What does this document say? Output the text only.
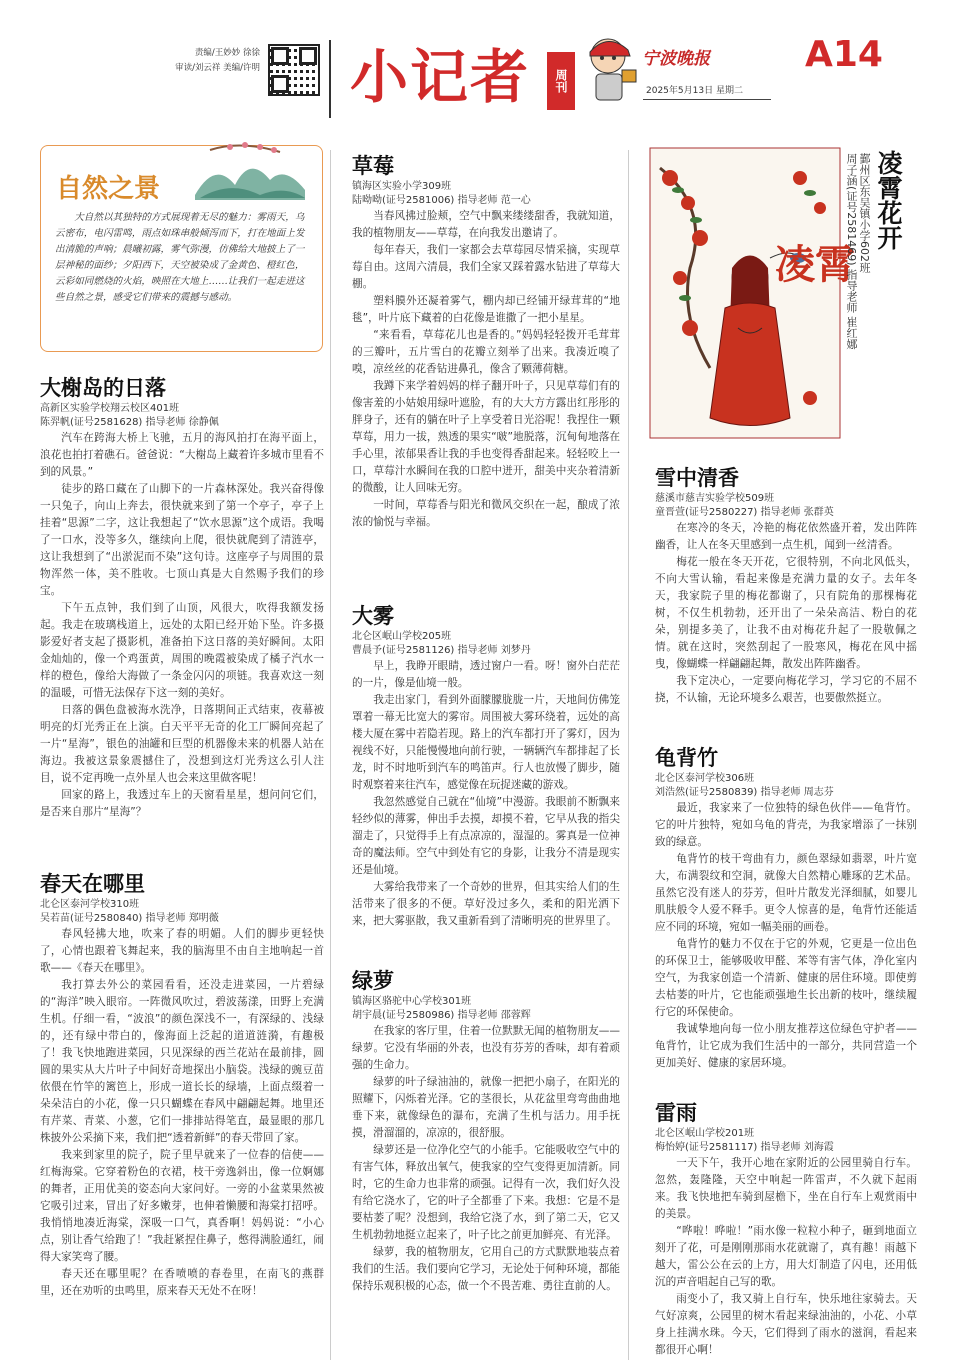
责编/王妙妙 徐徐
审读/刘云祥 美编/许明 小记者	周刊
宁波晚报	A14
2025年5月13日 星期二
自然之景
大自然以其独特的方式展现着无尽的魅力：雾雨天，乌云密布，电闪雷鸣，雨点如珠串般倾泻而下，打在地面上发出清脆的声响；晨曦初露，雾气弥漫，仿佛给大地披上了一层神秘的面纱；夕阳西下，天空被染成了金黄色、橙红色，云彩如同燃烧的火焰，映照在大地上……让我们一起走进这些自然之景，感受它们带来的震撼与感动。
大榭岛的日落
高新区实验学校翔云校区401班
陈羿帆(证号2581628) 指导老师 徐静佩

汽车在跨海大桥上飞驰，五月的海风拍打在海平面上，浪花也拍打着礁石。爸爸说：“大榭岛上藏着许多城市里看不到的风景。”

徒步的路口藏在了山脚下的一片森林深处。我兴奋得像一只兔子，向山上奔去，很快就来到了第一个亭子，亭子上挂着“思源”二字，这让我想起了“饮水思源”这个成语。我喝了一口水，没等多久，继续向上爬，很快就爬到了清涟亭，这让我想到了“出淤泥而不染”这句诗。这座亭子与周围的景物浑然一体，美不胜收。七顶山真是大自然赐予我们的珍宝。

下午五点钟，我们到了山顶，风很大，吹得我额发扬起。我走在玻璃栈道上，远处的太阳已经开始下坠。许多摄影爱好者支起了摄影机，准备拍下这日落的美好瞬间。太阳金灿灿的，像一个鸡蛋黄，周围的晚霞被染成了橘子汽水一样的橙色，像给大海做了一条金闪闪的项链。我喜欢这一刻的温暖，可惜无法保存下这一刻的美好。

日落的偶色盘被海水洗净，日落期间正式结束，夜幕被明亮的灯光秀正在上演。白天平平无奇的化工厂瞬间亮起了一片“星海”，银色的油罐和巨型的机器像未来的机器人站在海边。我被这景象震撼住了，没想到这灯光秀这么引人注目，说不定再晚一点外星人也会来这里做客呢！

回家的路上，我透过车上的天窗看星星，想问问它们，是否来自那片“星海”？

春天在哪里
北仑区泰河学校310班
吴若苗(证号2580840) 指导老师 郑明薇

春风轻拂大地，吹来了春的明媚。人们的脚步更轻快了，心情也跟着飞舞起来，我的脑海里不由自主地响起一首歌——《春天在哪里》。

我打算去外公的菜园看看，还没走进菜园，一片碧绿的“海洋”映入眼帘。一阵微风吹过，碧波荡漾，田野上充满生机。仔细一看，“波浪”的颜色深浅不一，有深绿的、浅绿的，还有绿中带白的，像海面上泛起的道道涟漪，有趣极了！我飞快地跑进菜园，只见深绿的西兰花站在最前排，圆圆的果实从大片叶子中间好奇地探出小脑袋。浅绿的豌豆苗依偎在竹竿的篱笆上，形成一道长长的绿墙，上面点缀着一朵朵洁白的小花，像一只只蝴蝶在春风中翩翩起舞。地里还有芹菜、青菜、小葱，它们一排排站得笔直，最显眼的那几株披外公采摘下来，我们把“透着新鲜”的春天带回了家。

我来到家里的院子，院子里早就来了一位春的信使——红梅海棠。它穿着粉色的衣裙，枝干旁逸斜出，像一位婀娜的舞者，正用优美的姿态向大家问好。一旁的小盆菜果然被它吸引过来，冒出了好多嫩芽，也伸着懒腰和海棠打招呼。我悄悄地凑近海棠，深吸一口气，真香啊！妈妈说：“小心点，别让香气给跑了！”我赶紧捏住鼻子，憋得满脸通红，闹得大家笑弯了腰。

春天还在哪里呢？在香喷喷的春卷里，在南飞的燕群里，还在劝听的虫鸣里，原来春天无处不在呀！

草莓
镇海区实验小学309班
陆呦呦(证号2581006) 指导老师 范一心

当春风拂过脸颊，空气中飘来缕缕甜香，我就知道，我的植物朋友——草莓，在向我发出邀请了。

每年春天，我们一家都会去草莓园尽情采摘，实现草莓自由。这周六清晨，我们全家又踩着露水钻进了草莓大棚。

塑料膜外还凝着雾气，棚内却已经铺开绿茸茸的“地毯”，叶片底下藏着的白花像是谁撒了一把小星星。

“来看看，草莓花儿也是香的。”妈妈轻轻拨开毛茸茸的三瓣叶，五片雪白的花瓣立刻举了出来。我凑近嗅了嗅，凉丝丝的花香钻进鼻孔，像含了颗薄荷糖。

我蹲下来学着妈妈的样子翻开叶子，只见草莓们有的像害羞的小姑娘用绿叶遮脸，有的大大方方露出红彤彤的胖身子，还有的躺在叶子上享受着日光浴呢！我捏住一颗草莓，用力一拔，熟透的果实“啵”地脱落，沉甸甸地落在手心里，浓郁果香让我的手也变得香甜起来。轻轻咬上一口，草莓汁水瞬间在我的口腔中迸开，甜美中夹杂着清新的微酸，让人回味无穷。

一时间，草莓香与阳光和微风交织在一起，酿成了浓浓的愉悦与幸福。

大雾
北仑区岷山学校205班
曹晨予(证号2581126) 指导老师 刘梦丹

早上，我睁开眼睛，透过窗户一看。呀！窗外白茫茫的一片，像是仙境一般。

我走出家门，看到外面朦朦胧胧一片，天地间仿佛笼罩着一幕无比宽大的雾帘。周围被大雾环绕着，远处的高楼大厦在雾中若隐若现。路上的汽车都打开了雾灯，因为视线不好，只能慢慢地向前行驶，一辆辆汽车都排起了长龙，时不时地听到汽车的鸣笛声。行人也放慢了脚步，随时观察着来往汽车，感觉像在玩捉迷藏的游戏。

我忽然感觉自己就在“仙境”中漫游。我眼前不断飘来轻纱似的薄雾，伸出手去摸，却摸不着，它早从我的指尖溜走了，只觉得手上有点凉凉的，湿湿的。雾真是一位神奇的魔法师。空气中到处有它的身影，让我分不清是现实还是仙境。

大雾给我带来了一个奇妙的世界，但其实给人们的生活带来了很多的不便。草好没过多久，柔和的阳光洒下来，把大雾驱散，我又重新看到了清晰明亮的世界里了。

绿萝
镇海区骆驼中心学校301班
胡宇晨(证号2580986) 指导老师 邵蓉辉

在我家的客厅里，住着一位默默无闻的植物朋友——绿萝。它没有华丽的外表，也没有芬芳的香味，却有着顽强的生命力。

绿萝的叶子绿油油的，就像一把把小扇子，在阳光的照耀下，闪烁着光泽。它的茎很长，从花盆里弯弯曲曲地垂下来，就像绿色的瀑布，充满了生机与活力。用手抚摸，滑溜溜的，凉凉的，很舒服。

绿萝还是一位净化空气的小能手。它能吸收空气中的有害气体，释放出氧气，使我家的空气变得更加清新。同时，它的生命力也非常的顽强。记得有一次，我们好久没有给它浇水了，它的叶子全都垂了下来。我想：它是不是要枯萎了呢？没想到，我给它浇了水，到了第二天，它又生机勃勃地挺立起来了，叶子比之前更加鲜亮、有光泽。

绿萝，我的植物朋友，它用自己的方式默默地装点着我们的生活。我们要向它学习，无论处于何种环境，都能保持乐观积极的心态，做一个不畏苦难、勇往直前的人。

凌霄
凌霄花开
鄞州区东吴镇小学602班
周子涵(证号2581469) 指导老师 崔红娜
雪中清香
慈溪市慈吉实验学校509班
童晋萱(证号2580227) 指导老师 张群英

在寒冷的冬天，冷艳的梅花依然盛开着，发出阵阵幽香，让人在冬天里感到一点生机，闻到一丝清香。

梅花一般在冬天开花，它很特别，不向北风低头，不向大雪认输，看起来像是充满力量的女子。去年冬天，我家院子里的梅花都谢了，只有院角的那棵梅花树，不仅生机勃勃，还开出了一朵朵高洁、粉白的花朵，别提多美了，让我不由对梅花升起了一股敬佩之情。就在这时，突然刮起了一股寒风，梅花在风中摇曳，像蝴蝶一样翩翩起舞，散发出阵阵幽香。

我下定决心，一定要向梅花学习，学习它的不屈不挠，不认输，无论环境多么艰苦，也要傲然挺立。

龟背竹
北仑区泰河学校306班
刘浩然(证号2580839) 指导老师 周志芬

最近，我家来了一位独特的绿色伙伴——龟背竹。它的叶片独特，宛如乌龟的背壳，为我家增添了一抹别致的绿意。

龟背竹的枝干弯曲有力，颜色翠绿如翡翠，叶片宽大，布满裂纹和空洞，就像大自然精心雕琢的艺术品。虽然它没有迷人的芬芳，但叶片散发光泽细腻，如婴儿肌肤般令人爱不释手。更令人惊喜的是，龟背竹还能适应不同的环境，宛如一幅美丽的画卷。

龟背竹的魅力不仅在于它的外观，它更是一位出色的环保卫士，能够吸收甲醛、苯等有害气体，净化室内空气，为我家创造一个清新、健康的居住环境。即使剪去枯萎的叶片，它也能顽强地生长出新的枝叶，继续履行它的环保使命。

我诚挚地向每一位小朋友推荐这位绿色守护者——龟背竹，让它成为我们生活中的一部分，共同营造一个更加美好、健康的家居环境。

雷雨
北仑区岷山学校201班
梅怡婷(证号2581117) 指导老师 刘海霞

一天下午，我开心地在家附近的公园里骑自行车。忽然，轰隆隆，天空中响起一阵雷声，不久就下起雨来。我飞快地把车骑到屋檐下，坐在自行车上观赏雨中的美景。

“哗啦！哗啦！”雨水像一粒粒小种子，砸到地面立刻开了花，可是刚刚那雨水花就谢了，真有趣！雨越下越大，雷公公在云的上方，用大灯制造了闪电，还用低沉的声音唱起自己写的歌。

雨变小了，我又骑上自行车，快乐地往家骑去。天气好凉爽，公园里的树木看起来绿油油的，小花、小草身上挂满水珠。今天，它们得到了雨水的滋润，看起来都很开心啊！
